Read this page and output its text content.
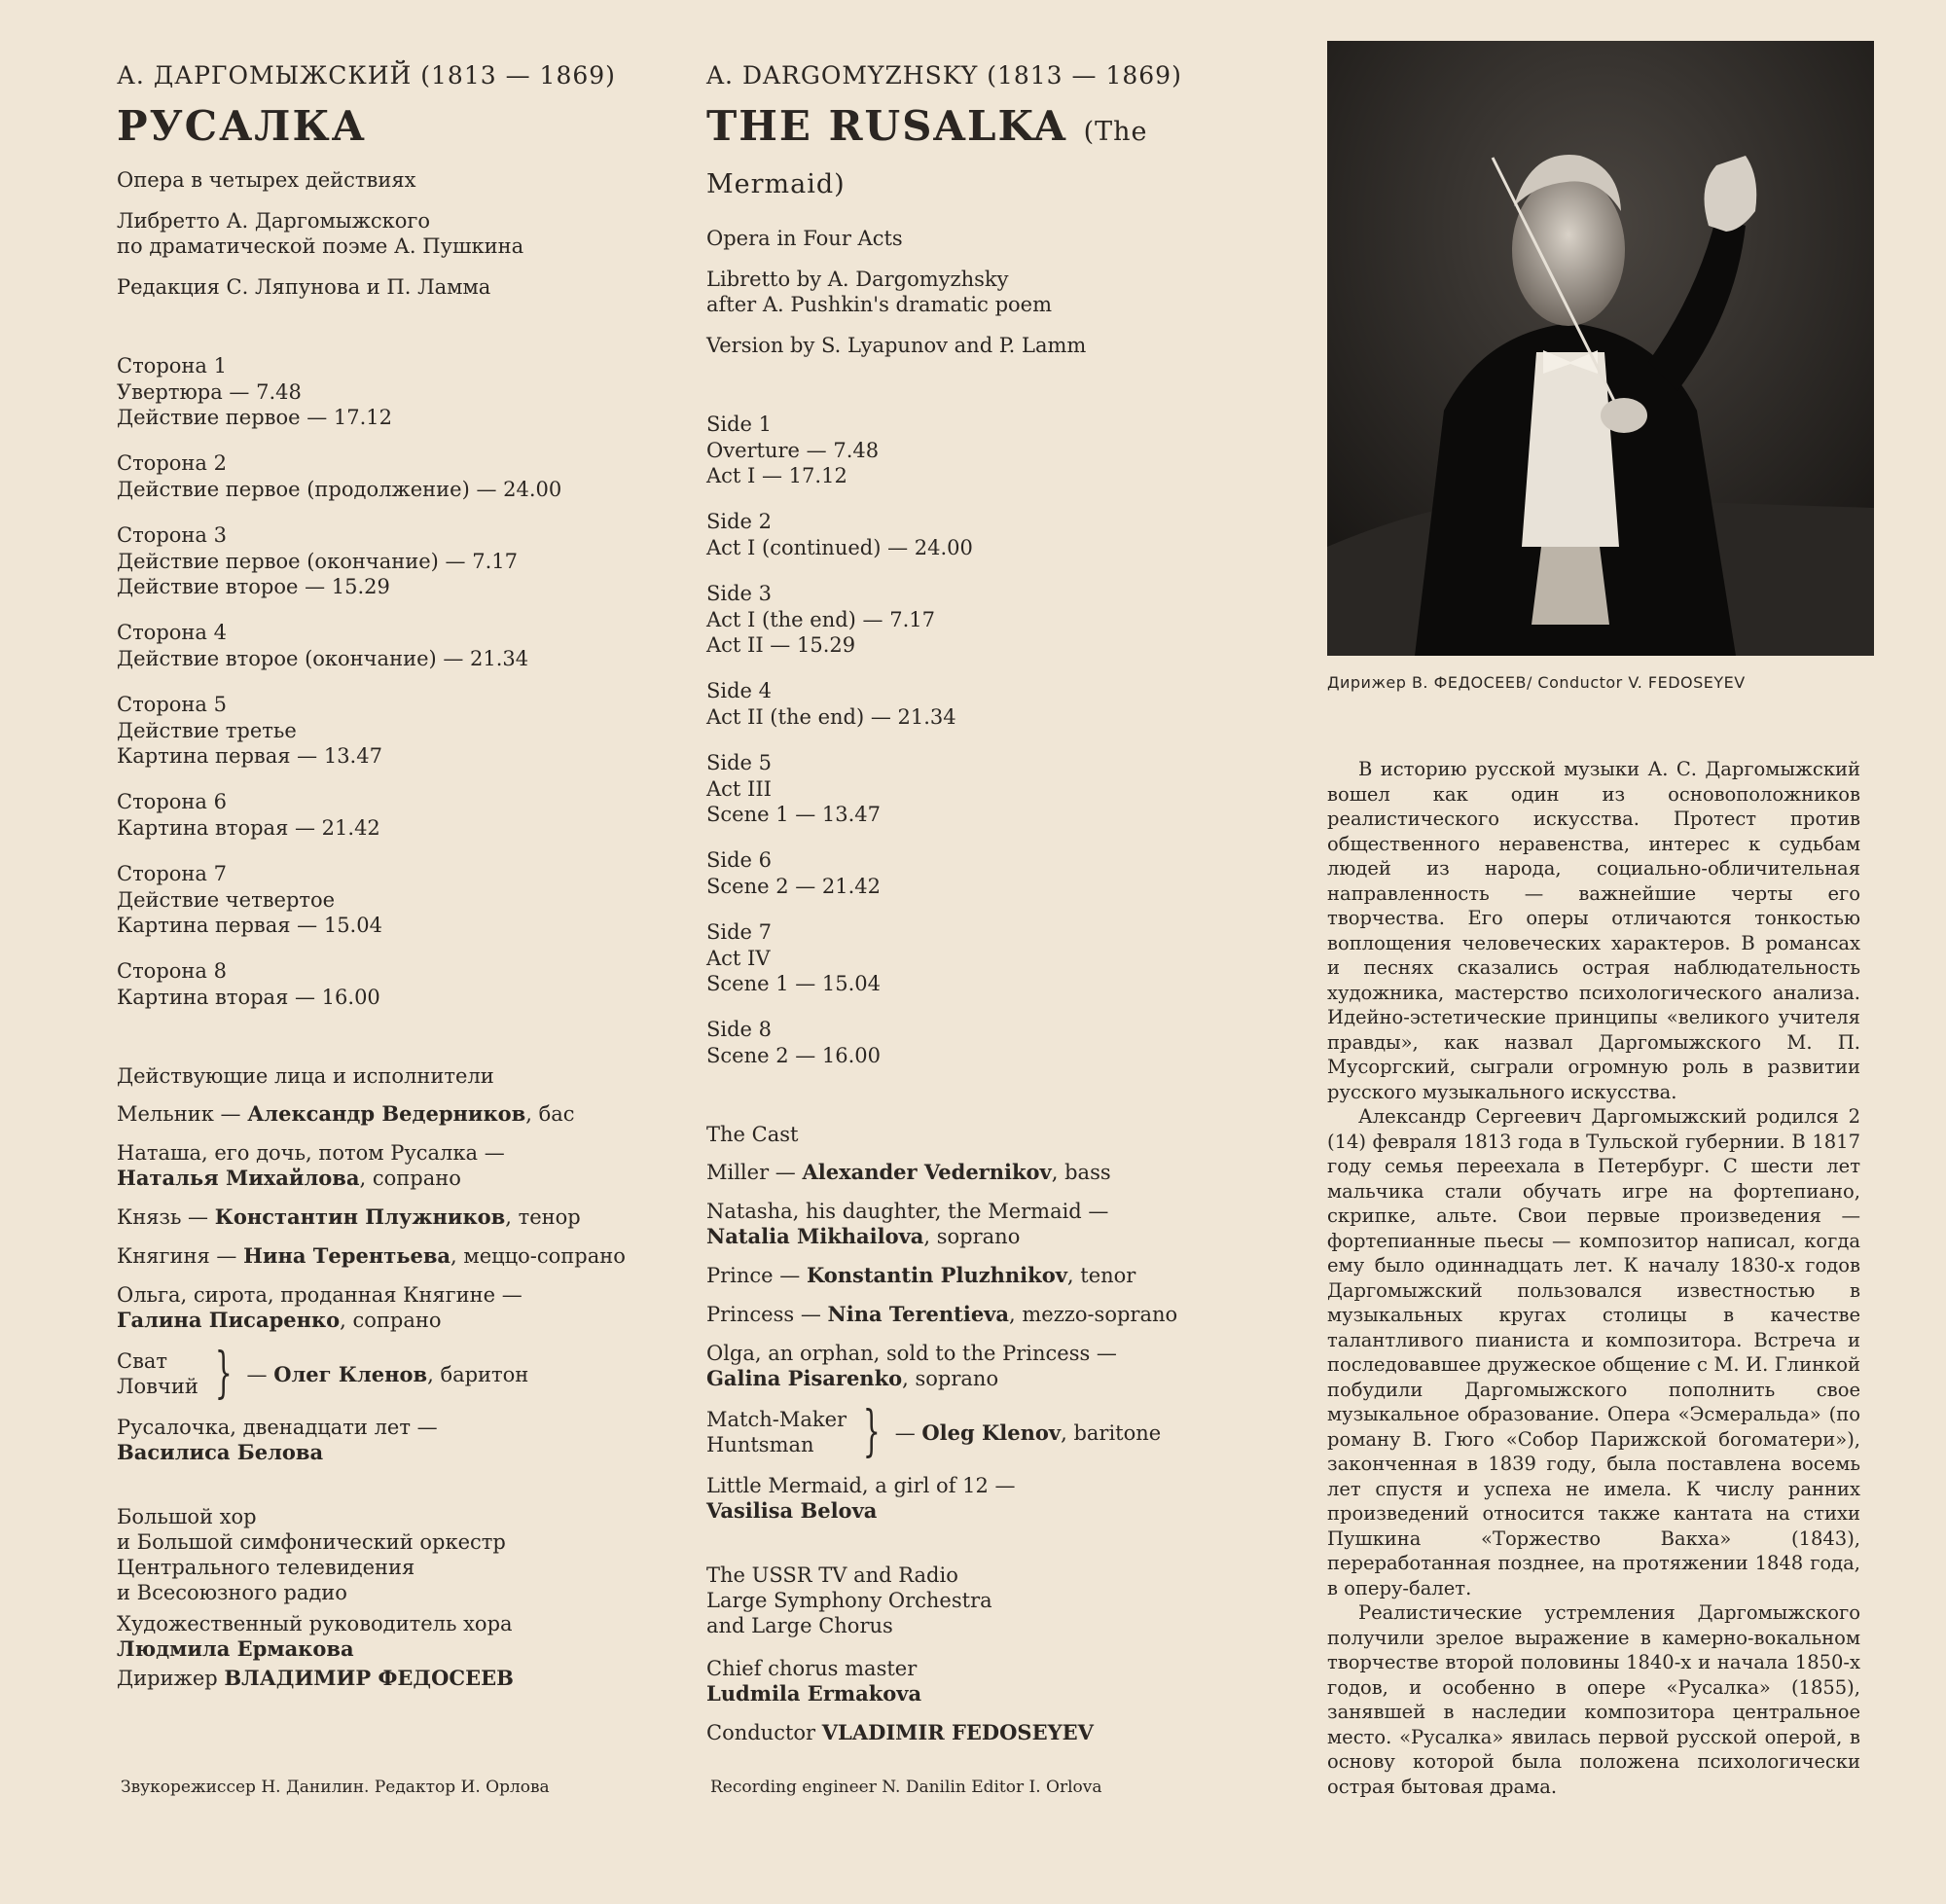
А. ДАРГОМЫЖСКИЙ (1813 — 1869)
РУСАЛКА
Опера в четырех действиях
Либретто А. Даргомыжского
по драматической поэме А. Пушкина
Редакция С. Ляпунова и П. Ламма
Сторона 1
Увертюра — 7.48
Действие первое — 17.12
Сторона 2
Действие первое (продолжение) — 24.00
Сторона 3
Действие первое (окончание) — 7.17
Действие второе — 15.29
Сторона 4
Действие второе (окончание) — 21.34
Сторона 5
Действие третье
Картина первая — 13.47
Сторона 6
Картина вторая — 21.42
Сторона 7
Действие четвертое
Картина первая — 15.04
Сторона 8
Картина вторая — 16.00
Действующие лица и исполнители
Мельник — Александр Ведерников, бас
Наташа, его дочь, потом Русалка —
Наталья Михайлова, сопрано
Князь — Константин Плужников, тенор
Княгиня — Нина Терентьева, меццо-сопрано
Ольга, сирота, проданная Княгине —
Галина Писаренко, сопрано
Сват
Ловчий } — Олег Кленов, баритон
Русалочка, двенадцати лет —
Василиса Белова
Большой хор
и Большой симфонический оркестр
Центрального телевидения
и Всесоюзного радио
Художественный руководитель хора
Людмила Ермакова
Дирижер ВЛАДИМИР ФЕДОСЕЕВ
A. DARGOMYZHSKY (1813 — 1869)
THE RUSALKA (The Mermaid)
Opera in Four Acts
Libretto by A. Dargomyzhsky
after A. Pushkin's dramatic poem
Version by S. Lyapunov and P. Lamm
Side 1
Overture — 7.48
Act I — 17.12
Side 2
Act I (continued) — 24.00
Side 3
Act I (the end) — 7.17
Act II — 15.29
Side 4
Act II (the end) — 21.34
Side 5
Act III
Scene 1 — 13.47
Side 6
Scene 2 — 21.42
Side 7
Act IV
Scene 1 — 15.04
Side 8
Scene 2 — 16.00
The Cast
Miller — Alexander Vedernikov, bass
Natasha, his daughter, the Mermaid —
Natalia Mikhailova, soprano
Prince — Konstantin Pluzhnikov, tenor
Princess — Nina Terentieva, mezzo-soprano
Olga, an orphan, sold to the Princess —
Galina Pisarenko, soprano
Match-Maker
Huntsman } — Oleg Klenov, baritone
Little Mermaid, a girl of 12 —
Vasilisa Belova
The USSR TV and Radio
Large Symphony Orchestra
and Large Chorus
Chief chorus master
Ludmila Ermakova
Conductor VLADIMIR FEDOSEYEV
Звукорежиссер Н. Данилин. Редактор И. Орлова	Recording engineer N. Danilin Editor I. Orlova
Дирижер В. ФЕДОСЕЕВ/ Conductor V. FEDOSEYEV

В историю русской музыки А. С. Даргомыжский вошел как один из основоположников реалистического искусства. Протест против общественного неравенства, интерес к судьбам людей из народа, социально-обличительная направленность — важнейшие черты его творчества. Его оперы отличаются тонкостью воплощения человеческих характеров. В романсах и песнях сказались острая наблюдательность художника, мастерство психологического анализа. Идейно-эстетические принципы «великого учителя правды», как назвал Даргомыжского М. П. Мусоргский, сыграли огромную роль в развитии русского музыкального искусства.

Александр Сергеевич Даргомыжский родился 2 (14) февраля 1813 года в Тульской губернии. В 1817 году семья переехала в Петербург. С шести лет мальчика стали обучать игре на фортепиано, скрипке, альте. Свои первые произведения — фортепианные пьесы — композитор написал, когда ему было одиннадцать лет. К началу 1830-х годов Даргомыжский пользовался известностью в музыкальных кругах столицы в качестве талантливого пианиста и композитора. Встреча и последовавшее дружеское общение с М. И. Глинкой побудили Даргомыжского пополнить свое музыкальное образование. Опера «Эсмеральда» (по роману В. Гюго «Собор Парижской богоматери»), законченная в 1839 году, была поставлена восемь лет спустя и успеха не имела. К числу ранних произведений относится также кантата на стихи Пушкина «Торжество Вакха» (1843), переработанная позднее, на протяжении 1848 года, в оперу-балет.

Реалистические устремления Даргомыжского получили зрелое выражение в камерно-вокальном творчестве второй половины 1840-х и начала 1850-х годов, и особенно в опере «Русалка» (1855), занявшей в наследии композитора центральное место. «Русалка» явилась первой русской оперой, в основу которой была положена психологически острая бытовая драма.
